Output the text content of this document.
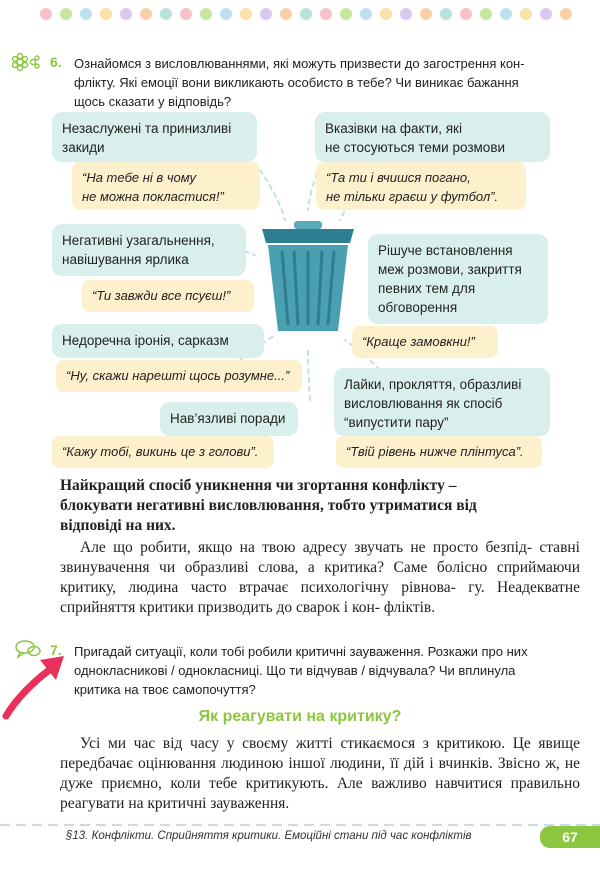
6. Ознайомся з висловлюваннями, які можуть призвести до загострення кон-
флікту. Які емоції вони викликають особисто в тебе? Чи виникає бажання
щось сказати у відповідь?

Незаслужені та принизливі
закиди
“На тебе ні в чому
не можна покластися!”
Вказівки на факти, які
не стосуються теми розмови
“Та ти і вчишся погано,
не тільки граєш у футбол”.
Негативні узагальнення,
навішування ярлика
“Ти завжди все псуєш!”
Рішуче встановлення
меж розмови, закриття
певних тем для
обговорення
“Краще замовкни!”
Недоречна іронія, сарказм
“Ну, скажи нарешті щось розумне...”
Лайки, прокляття, образливі
висловлювання як спосіб
“випустити пару”
“Твій рівень нижче плінтуса”.
Нав’язливі поради
“Кажу тобі, викинь це з голови”.

Найкращий спосіб уникнення чи згортання конфлікту –
блокувати негативні висловлювання, тобто утриматися від
відповіді на них.

Але що робити, якщо на твою адресу звучать не просто безпід- ставні звинувачення чи образливі слова, а критика? Саме болісно сприймаючи критику, людина часто втрачає психологічну рівнова- гу. Неадекватне сприйняття критики призводить до сварок і кон- фліктів.

7. Пригадай ситуації, коли тобі робили критичні зауваження. Розкажи про них
однокласникові / однокласниці. Що ти відчував / відчувала? Чи вплинула
критика на твоє самопочуття?

Як реагувати на критику?

Усі ми час від часу у своєму житті стикаємося з критикою. Це явище передбачає оцінювання людиною іншої людини, її дій і вчинків. Звісно ж, не дуже приємно, коли тебе критикують. Але важливо навчитися правильно реагувати на критичні зауваження.

§13. Конфлікти. Сприйняття критики. Емоційні стани під час конфліктів	67
